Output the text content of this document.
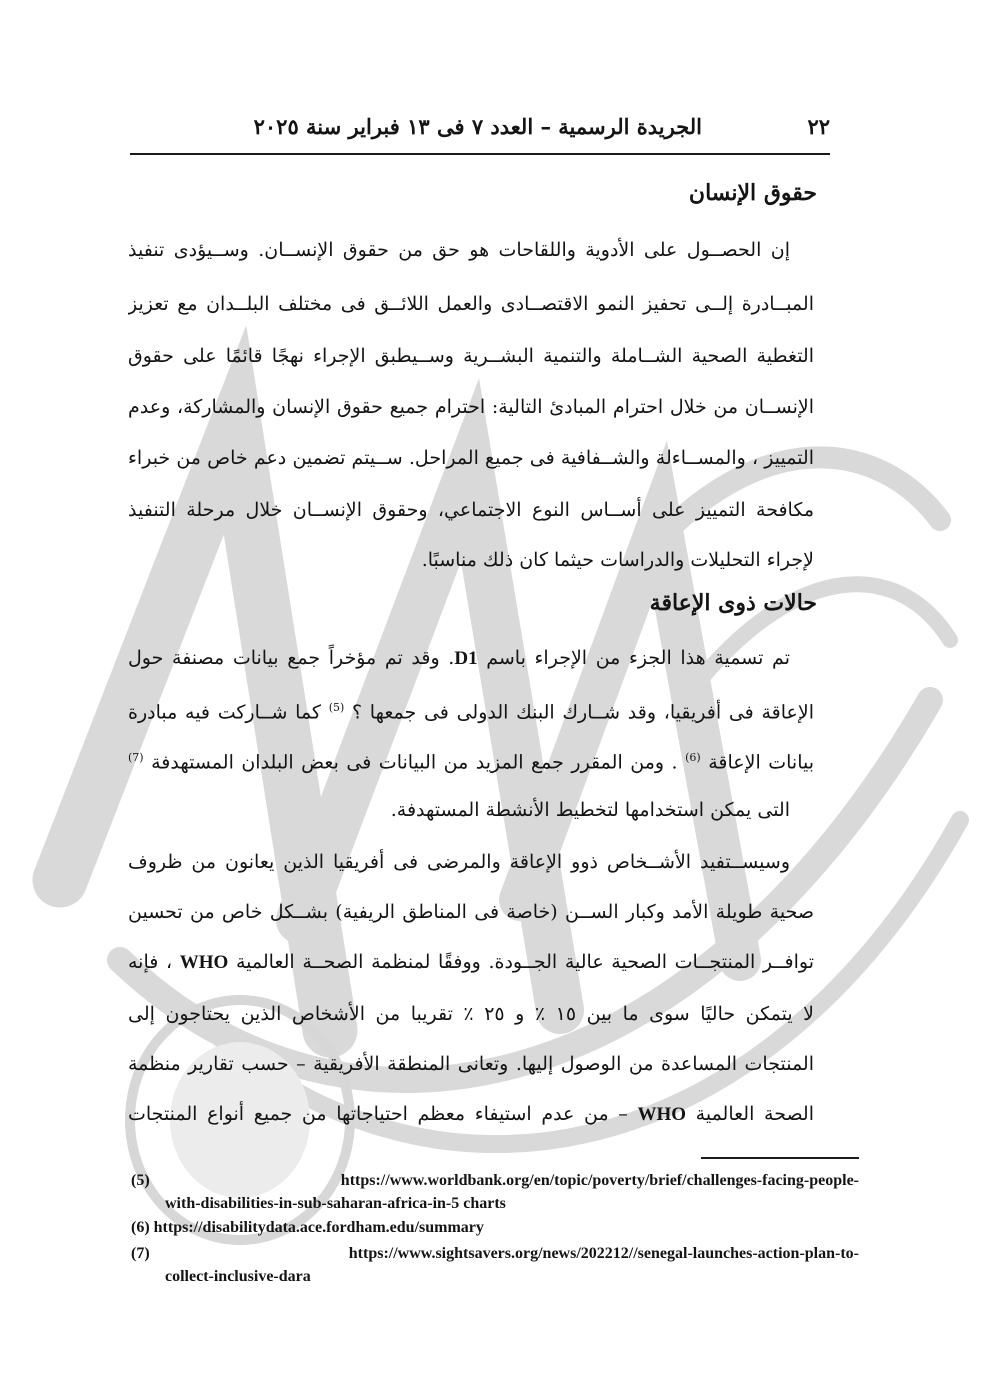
٢٢
الجريدة الرسمية – العدد ٧ فى ١٣ فبراير سنة ٢٠٢٥
حقوق الإنسان
إن الحصــول على الأدوية واللقاحات هو حق من حقوق الإنســان. وســيؤدى تنفيذ
المبــادرة إلــى تحفيز النمو الاقتصــادى والعمل اللائــق فى مختلف البلــدان مع تعزيز
التغطية الصحية الشــاملة والتنمية البشــرية وســيطبق الإجراء نهجًا قائمًا على حقوق
الإنســان من خلال احترام المبادئ التالية: احترام جميع حقوق الإنسان والمشاركة، وعدم
التمييز ، والمســاءلة والشــفافية فى جميع المراحل. ســيتم تضمين دعم خاص من خبراء
مكافحة التمييز على أســاس النوع الاجتماعي، وحقوق الإنســان خلال مرحلة التنفيذ
لإجراء التحليلات والدراسات حيثما كان ذلك مناسبًا.
حالات ذوى الإعاقة
تم تسمية هذا الجزء من الإجراء باسم D1. وقد تم مؤخراً جمع بيانات مصنفة حول
الإعاقة فى أفريقيا، وقد شــارك البنك الدولى فى جمعها ؟ $^{(5)}$ كما شــاركت فيه مبادرة
بيانات الإعاقة $^{(6)}$ . ومن المقرر جمع المزيد من البيانات فى بعض البلدان المستهدفة $^{(7)}$
التى يمكن استخدامها لتخطيط الأنشطة المستهدفة.
وسيســتفيد الأشــخاص ذوو الإعاقة والمرضى فى أفريقيا الذين يعانون من ظروف
صحية طويلة الأمد وكبار الســن (خاصة فى المناطق الريفية) بشــكل خاص من تحسين
توافــر المنتجــات الصحية عالية الجــودة. ووفقًا لمنظمة الصحــة العالمية WHO ، فإنه
لا يتمكن حاليًا سوى ما بين ١٥ ٪ و ٢٥ ٪ تقريبا من الأشخاص الذين يحتاجون إلى
المنتجات المساعدة من الوصول إليها. وتعانى المنطقة الأفريقية – حسب تقارير منظمة
الصحة العالمية WHO – من عدم استيفاء معظم احتياجاتها من جميع أنواع المنتجات
(5)	https://www.worldbank.org/en/topic/poverty/brief/challenges-facing-people-
with-disabilities-in-sub-saharan-africa-in-5 charts
(6) https://disabilitydata.ace.fordham.edu/summary
(7)	https://www.sightsavers.org/news/202212//senegal-launches-action-plan-to-
collect-inclusive-dara
